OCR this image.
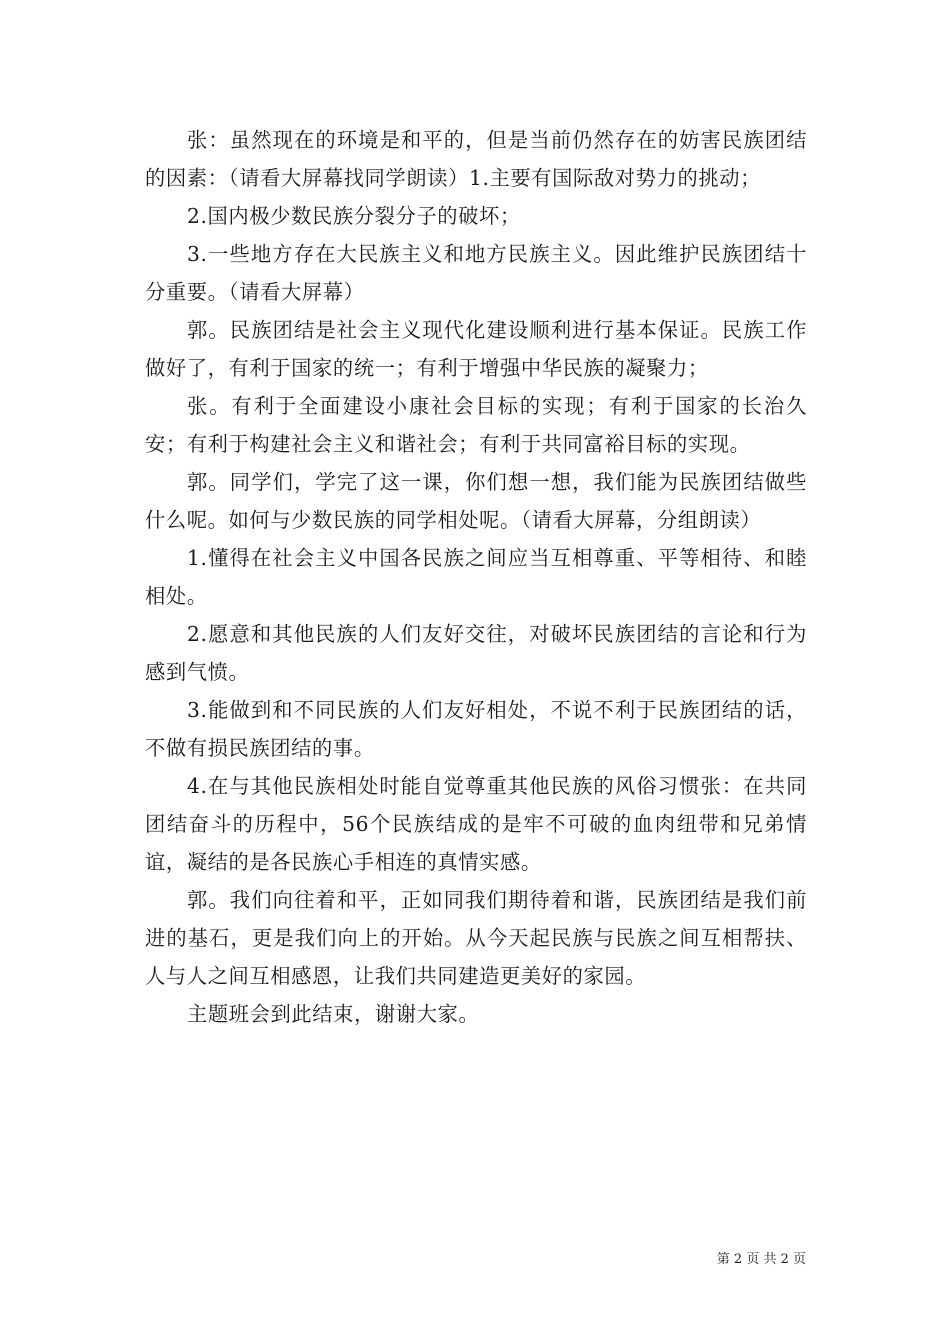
张：虽然现在的环境是和平的，但是当前仍然存在的妨害民族团结的因素：（请看大屏幕找同学朗读）1.主要有国际敌对势力的挑动；

2.国内极少数民族分裂分子的破坏；

3.一些地方存在大民族主义和地方民族主义。因此维护民族团结十分重要。（请看大屏幕）

郭。民族团结是社会主义现代化建设顺利进行基本保证。民族工作做好了，有利于国家的统一；有利于增强中华民族的凝聚力；

张。有利于全面建设小康社会目标的实现；有利于国家的长治久安；有利于构建社会主义和谐社会；有利于共同富裕目标的实现。

郭。同学们，学完了这一课，你们想一想，我们能为民族团结做些什么呢。如何与少数民族的同学相处呢。（请看大屏幕，分组朗读）

1.懂得在社会主义中国各民族之间应当互相尊重、平等相待、和睦相处。

2.愿意和其他民族的人们友好交往，对破坏民族团结的言论和行为感到气愤。

3.能做到和不同民族的人们友好相处，不说不利于民族团结的话，不做有损民族团结的事。

4.在与其他民族相处时能自觉尊重其他民族的风俗习惯张：在共同团结奋斗的历程中，56个民族结成的是牢不可破的血肉纽带和兄弟情谊，凝结的是各民族心手相连的真情实感。

郭。我们向往着和平，正如同我们期待着和谐，民族团结是我们前进的基石，更是我们向上的开始。从今天起民族与民族之间互相帮扶、人与人之间互相感恩，让我们共同建造更美好的家园。

主题班会到此结束，谢谢大家。

第 2 页 共 2 页
